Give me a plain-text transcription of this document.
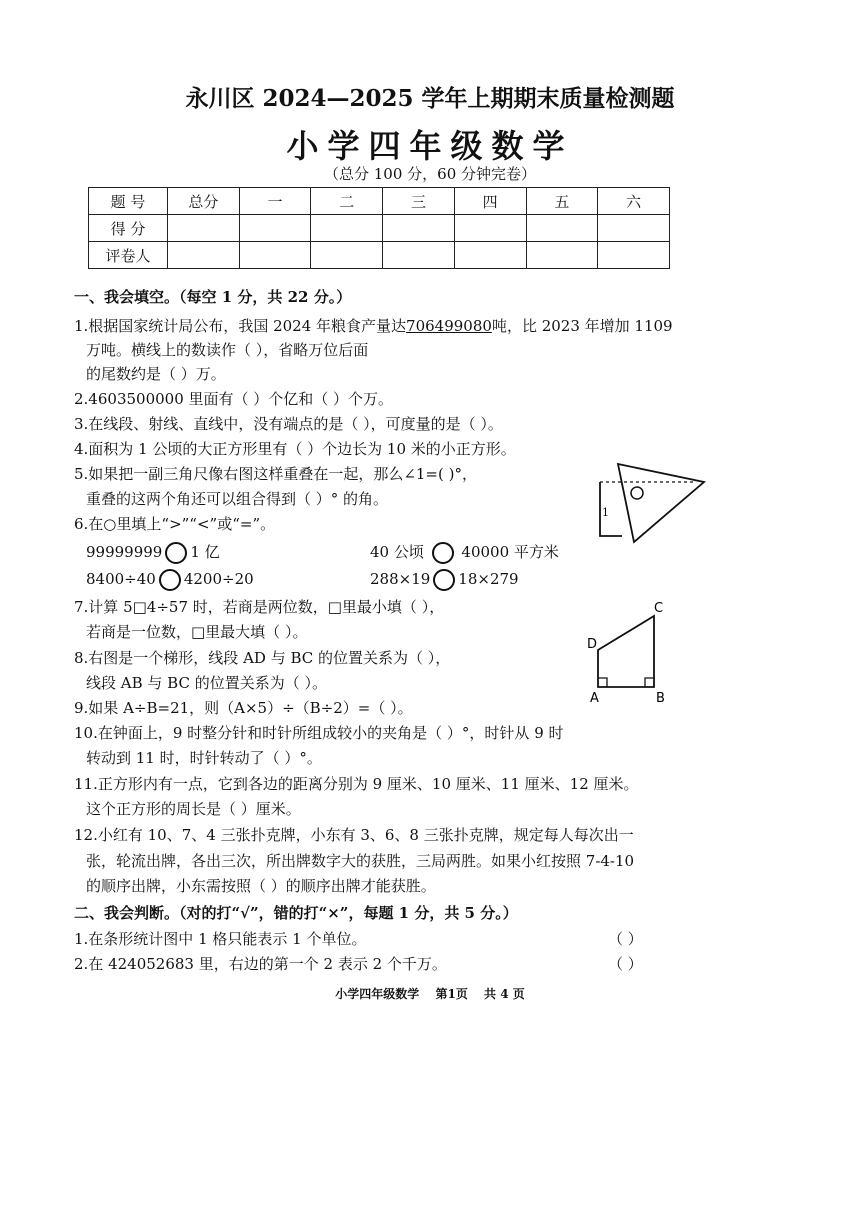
永川区 2024—2025 学年上期期末质量检测题
小学四年级数学
（总分 100 分，60 分钟完卷）
题 号	总分	一	二	三	四	五	六
得 分							
评卷人							
一、我会填空。（每空 1 分，共 22 分。）
1.根据国家统计局公布，我国 2024 年粮食产量达706499080吨，比 2023 年增加 1109
万吨。横线上的数读作（ ），省略万位后面
的尾数约是（ ）万。
2.4603500000 里面有（ ）个亿和（ ）个万。
3.在线段、射线、直线中，没有端点的是（ ），可度量的是（ ）。
4.面积为 1 公顷的大正方形里有（ ）个边长为 10 米的小正方形。
5.如果把一副三角尺像右图这样重叠在一起，那么∠1=( )°，
重叠的这两个角还可以组合得到（ ）° 的角。
1
6.在○里填上“>”“<”或“=”。
99999999 1 亿	40 公顷	40000 平方米
8400÷40 4200÷20	288×19 18×279
7.计算 5□4÷57 时，若商是两位数，□里最小填（ ），
若商是一位数，□里最大填（ ）。
8.右图是一个梯形，线段 AD 与 BC 的位置关系为（ ），
线段 AB 与 BC 的位置关系为（ ）。
D
C
A	B
9.如果 A÷B=21，则（A×5）÷（B÷2）=（ ）。
10.在钟面上，9 时整分针和时针所组成较小的夹角是（ ）°，时针从 9 时
转动到 11 时，时针转动了（ ）°。
11.正方形内有一点，它到各边的距离分别为 9 厘米、10 厘米、11 厘米、12 厘米。
这个正方形的周长是（ ）厘米。
12.小红有 10、7、4 三张扑克牌，小东有 3、6、8 三张扑克牌，规定每人每次出一
张，轮流出牌，各出三次，所出牌数字大的获胜，三局两胜。如果小红按照 7-4-10
的顺序出牌，小东需按照（ ）的顺序出牌才能获胜。
二、我会判断。（对的打“√”，错的打“×”，每题 1 分，共 5 分。）
1.在条形统计图中 1 格只能表示 1 个单位。	（ ）
2.在 424052683 里，右边的第一个 2 表示 2 个千万。	（ ）
小学四年级数学 第1页 共 4 页
